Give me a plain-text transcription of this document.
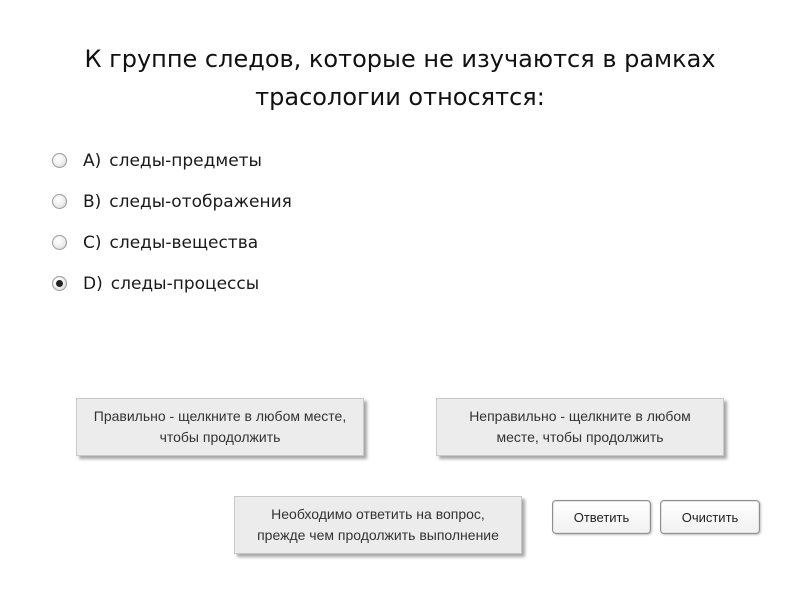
К группе следов, которые не изучаются в рамках
трасологии относятся:
A) следы-предметы
B) следы-отображения
C) следы-вещества
D) следы-процессы
Правильно - щелкните в любом месте,
чтобы продолжить
Неправильно - щелкните в любом
месте, чтобы продолжить
Необходимо ответить на вопрос,
прежде чем продолжить выполнение
Ответить	Очистить
